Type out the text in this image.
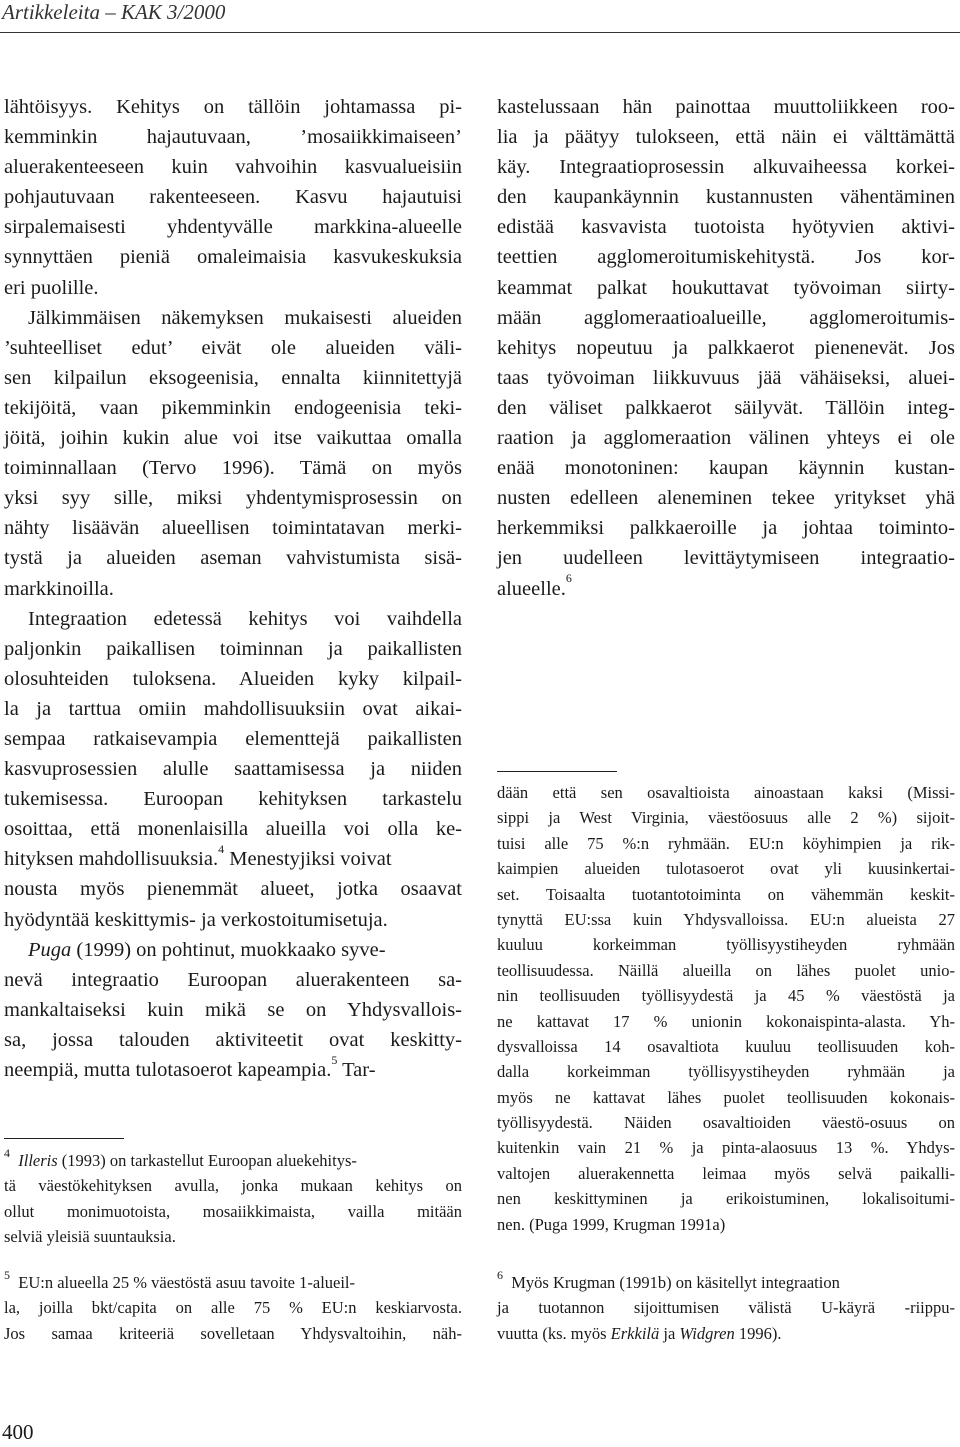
Artikkeleita – KAK 3/2000
lähtöisyys. Kehitys on tällöin johtamassa pi-
kemminkin hajautuvaan, ’mosaiikkimaiseen’
aluerakenteeseen kuin vahvoihin kasvualueisiin
pohjautuvaan rakenteeseen. Kasvu hajautuisi
sirpalemaisesti yhdentyvälle markkina-alueelle
synnyttäen pieniä omaleimaisia kasvukeskuksia
eri puolille.
Jälkimmäisen näkemyksen mukaisesti alueiden
’suhteelliset edut’ eivät ole alueiden väli-
sen kilpailun eksogeenisia, ennalta kiinnitettyjä
tekijöitä, vaan pikemminkin endogeenisia teki-
jöitä, joihin kukin alue voi itse vaikuttaa omalla
toiminnallaan (Tervo 1996). Tämä on myös
yksi syy sille, miksi yhdentymisprosessin on
nähty lisäävän alueellisen toimintatavan merki-
tystä ja alueiden aseman vahvistumista sisä-
markkinoilla.
Integraation edetessä kehitys voi vaihdella
paljonkin paikallisen toiminnan ja paikallisten
olosuhteiden tuloksena. Alueiden kyky kilpail-
la ja tarttua omiin mahdollisuuksiin ovat aikai-
sempaa ratkaisevampia elementtejä paikallisten
kasvuprosessien alulle saattamisessa ja niiden
tukemisessa. Euroopan kehityksen tarkastelu
osoittaa, että monenlaisilla alueilla voi olla ke-
hityksen mahdollisuuksia.$^4$ Menestyjiksi voivat
nousta myös pienemmät alueet, jotka osaavat
hyödyntää keskittymis- ja verkostoitumisetuja.
Puga (1999) on pohtinut, muokkaako syve-
nevä integraatio Euroopan aluerakenteen sa-
mankaltaiseksi kuin mikä se on Yhdysvallois-
sa, jossa talouden aktiviteetit ovat keskitty-
neempiä, mutta tulotasoerot kapeampia.$^5$ Tar-
$^4$ Illeris (1993) on tarkastellut Euroopan aluekehitys-
tä väestökehityksen avulla, jonka mukaan kehitys on
ollut monimuotoista, mosaiikkimaista, vailla mitään
selviä yleisiä suuntauksia.
$^5$ EU:n alueella 25 % väestöstä asuu tavoite 1-alueil-
la, joilla bkt/capita on alle 75 % EU:n keskiarvosta.
Jos samaa kriteeriä sovelletaan Yhdysvaltoihin, näh-
kastelussaan hän painottaa muuttoliikkeen roo-
lia ja päätyy tulokseen, että näin ei välttämättä
käy. Integraatioprosessin alkuvaiheessa korkei-
den kaupankäynnin kustannusten vähentäminen
edistää kasvavista tuotoista hyötyvien aktivi-
teettien agglomeroitumiskehitystä. Jos kor-
keammat palkat houkuttavat työvoiman siirty-
mään agglomeraatioalueille, agglomeroitumis-
kehitys nopeutuu ja palkkaerot pienenevät. Jos
taas työvoiman liikkuvuus jää vähäiseksi, aluei-
den väliset palkkaerot säilyvät. Tällöin integ-
raation ja agglomeraation välinen yhteys ei ole
enää monotoninen: kaupan käynnin kustan-
nusten edelleen aleneminen tekee yritykset yhä
herkemmiksi palkkaeroille ja johtaa toiminto-
jen uudelleen levittäytymiseen integraatio-
alueelle.$^6$
dään että sen osavaltioista ainoastaan kaksi (Missi-
sippi ja West Virginia, väestöosuus alle 2 %) sijoit-
tuisi alle 75 %:n ryhmään. EU:n köyhimpien ja rik-
kaimpien alueiden tulotasoerot ovat yli kuusinkertai-
set. Toisaalta tuotantotoiminta on vähemmän keskit-
tynyttä EU:ssa kuin Yhdysvalloissa. EU:n alueista 27
kuuluu korkeimman työllisyystiheyden ryhmään
teollisuudessa. Näillä alueilla on lähes puolet unio-
nin teollisuuden työllisyydestä ja 45 % väestöstä ja
ne kattavat 17 % unionin kokonaispinta-alasta. Yh-
dysvalloissa 14 osavaltiota kuuluu teollisuuden koh-
dalla korkeimman työllisyystiheyden ryhmään ja
myös ne kattavat lähes puolet teollisuuden kokonais-
työllisyydestä. Näiden osavaltioiden väestö-osuus on
kuitenkin vain 21 % ja pinta-alaosuus 13 %. Yhdys-
valtojen aluerakennetta leimaa myös selvä paikalli-
nen keskittyminen ja erikoistuminen, lokalisoitumi-
nen. (Puga 1999, Krugman 1991a)
$^6$ Myös Krugman (1991b) on käsitellyt integraation
ja tuotannon sijoittumisen välistä U-käyrä -riippu-
vuutta (ks. myös Erkkilä ja Widgren 1996).
400
